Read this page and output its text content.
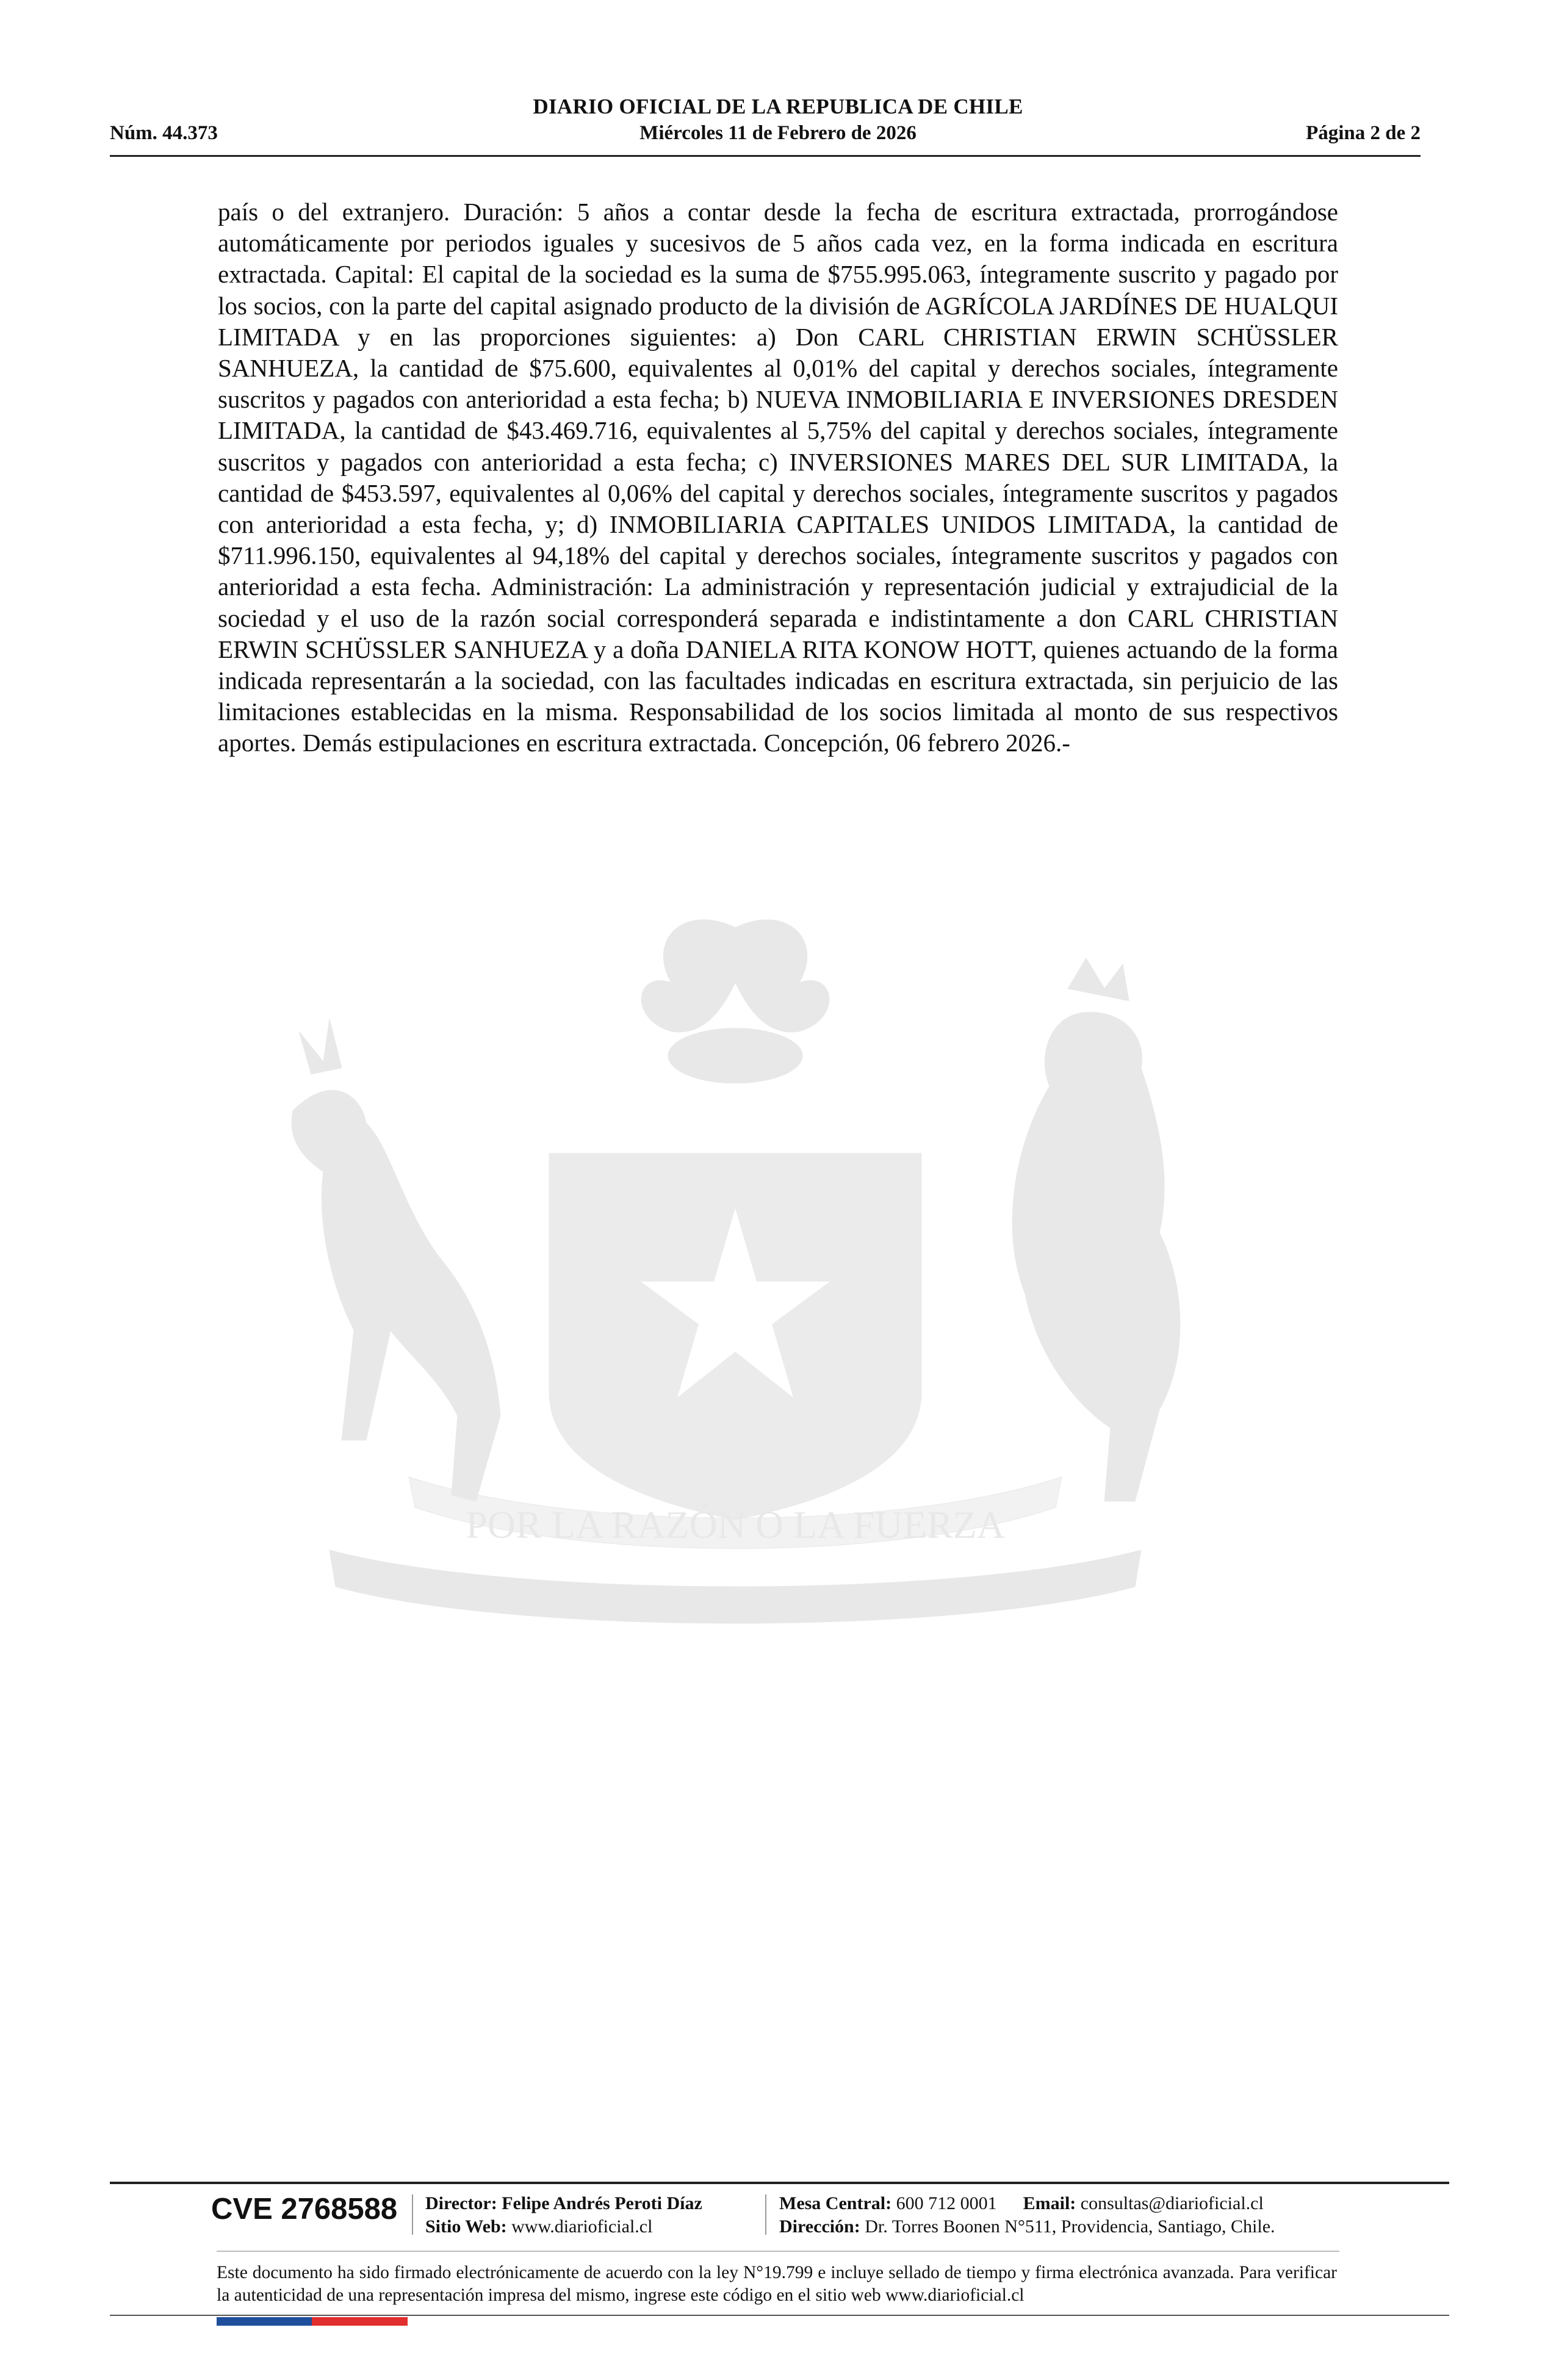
DIARIO OFICIAL DE LA REPUBLICA DE CHILE
Núm. 44.373	Miércoles 11 de Febrero de 2026	Página 2 de 2
POR LA RAZÓN O LA FUERZA
país o del extranjero. Duración: 5 años a contar desde la fecha de escritura extractada, prorrogándose automáticamente por periodos iguales y sucesivos de 5 años cada vez, en la forma indicada en escritura extractada. Capital: El capital de la sociedad es la suma de $755.995.063, íntegramente suscrito y pagado por los socios, con la parte del capital asignado producto de la división de AGRÍCOLA JARDÍNES DE HUALQUI LIMITADA y en las proporciones siguientes: a) Don CARL CHRISTIAN ERWIN SCHÜSSLER SANHUEZA, la cantidad de $75.600, equivalentes al 0,01% del capital y derechos sociales, íntegramente suscritos y pagados con anterioridad a esta fecha; b) NUEVA INMOBILIARIA E INVERSIONES DRESDEN LIMITADA, la cantidad de $43.469.716, equivalentes al 5,75% del capital y derechos sociales, íntegramente suscritos y pagados con anterioridad a esta fecha; c) INVERSIONES MARES DEL SUR LIMITADA, la cantidad de $453.597, equivalentes al 0,06% del capital y derechos sociales, íntegramente suscritos y pagados con anterioridad a esta fecha, y; d) INMOBILIARIA CAPITALES UNIDOS LIMITADA, la cantidad de $711.996.150, equivalentes al 94,18% del capital y derechos sociales, íntegramente suscritos y pagados con anterioridad a esta fecha. Administración: La administración y representación judicial y extrajudicial de la sociedad y el uso de la razón social corresponderá separada e indistintamente a don CARL CHRISTIAN ERWIN SCHÜSSLER SANHUEZA y a doña DANIELA RITA KONOW HOTT, quienes actuando de la forma indicada representarán a la sociedad, con las facultades indicadas en escritura extractada, sin perjuicio de las limitaciones establecidas en la misma. Responsabilidad de los socios limitada al monto de sus respectivos aportes. Demás estipulaciones en escritura extractada. Concepción, 06 febrero 2026.-
CVE 2768588 Director: Felipe Andrés Peroti Díaz
Sitio Web: www.diarioficial.cl
Mesa Central: 600 712 0001 Email: consultas@diarioficial.cl
Dirección: Dr. Torres Boonen N°511, Providencia, Santiago, Chile.
Este documento ha sido firmado electrónicamente de acuerdo con la ley N°19.799 e incluye sellado de tiempo y firma electrónica avanzada. Para verificar la autenticidad de una representación impresa del mismo, ingrese este código en el sitio web www.diarioficial.cl
